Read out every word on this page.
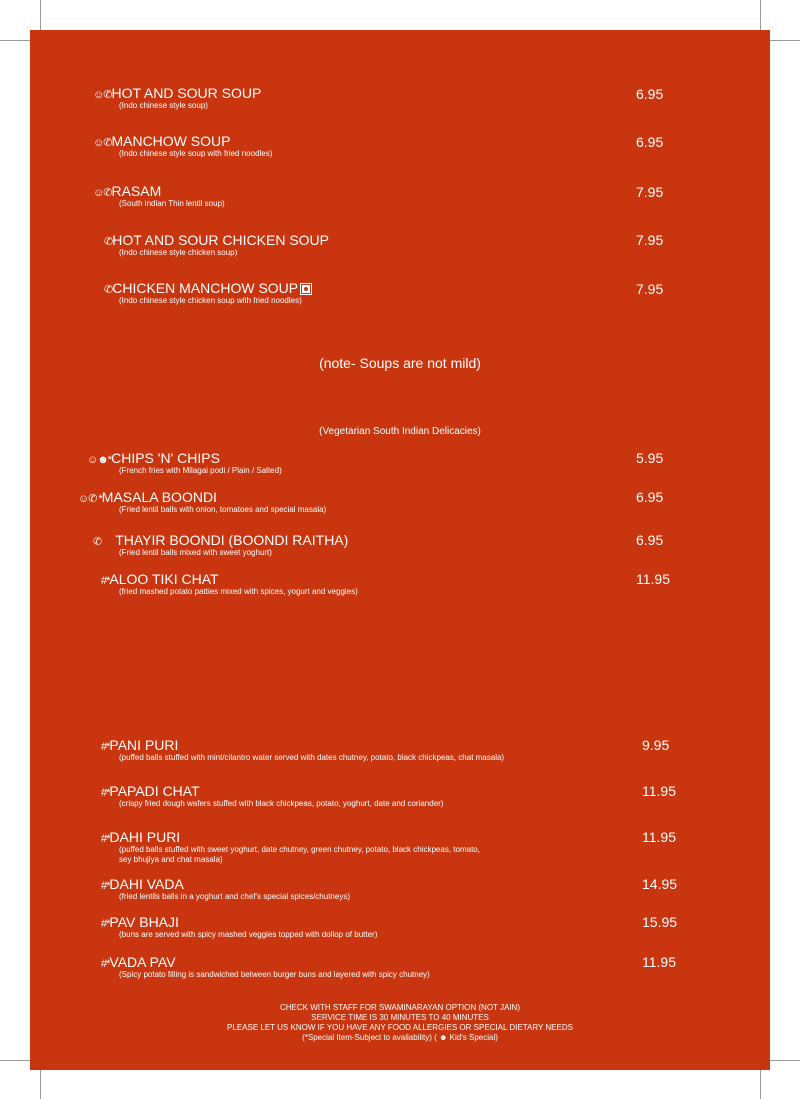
☺✆HOT AND SOUR SOUP
(Indo chinese style soup)
6.95
☺✆MANCHOW SOUP
(Indo chinese style soup with fried noodles)
6.95
☺✆RASAM
(South indian Thin lentil soup)
7.95
✆HOT AND SOUR CHICKEN SOUP
(Indo chinese style chicken soup)
7.95
✆CHICKEN MANCHOW SOUP
(Indo chinese style chicken soup with fried noodles)
7.95
(note- Soups are not mild)
(Vegetarian South Indian Delicacies)
☺☻*CHIPS 'N' CHIPS
(French fries with Milagai podi / Plain / Salted)
5.95
☺✆ *MASALA BOONDI
(Fried lentil balls with onion, tomatoes and special masala)
6.95
✆ THAYIR BOONDI (BOONDI RAITHA)
(Fried lentil balls mixed with sweet yoghurt)
6.95
#*ALOO TIKI CHAT
(fried mashed potato patties mixed with spices, yogurt and veggies)
11.95
#*PANI PURI
(puffed balls stuffed with mint/cilantro water served with dates chutney, potato, black chickpeas, chat masala)
9.95
#*PAPADI CHAT
(crispy fried dough wafers stuffed with black chickpeas, potato, yoghurt, date and coriander)
11.95
#*DAHI PURI
(puffed balls stuffed with sweet yoghurt, date chutney, green chutney, potato, black chickpeas, tomato,
sey bhujiya and chat masala)
11.95
#*DAHI VADA
(fried lentils balls in a yoghurt and chef's special spices/chutneys)
14.95
#*PAV BHAJI
(buns are served with spicy mashed veggies topped with dollop of butter)
15.95
#*VADA PAV
(Spicy potato filling is sandwiched between burger buns and layered with spicy chutney)
11.95
CHECK WITH STAFF FOR SWAMINARAYAN OPTION (NOT JAIN)
SERVICE TIME IS 30 MINUTES TO 40 MINUTES
PLEASE LET US KNOW IF YOU HAVE ANY FOOD ALLERGIES OR SPECIAL DIETARY NEEDS
(*Special Item-Subject to availability) ( ☻ Kid's Special)
